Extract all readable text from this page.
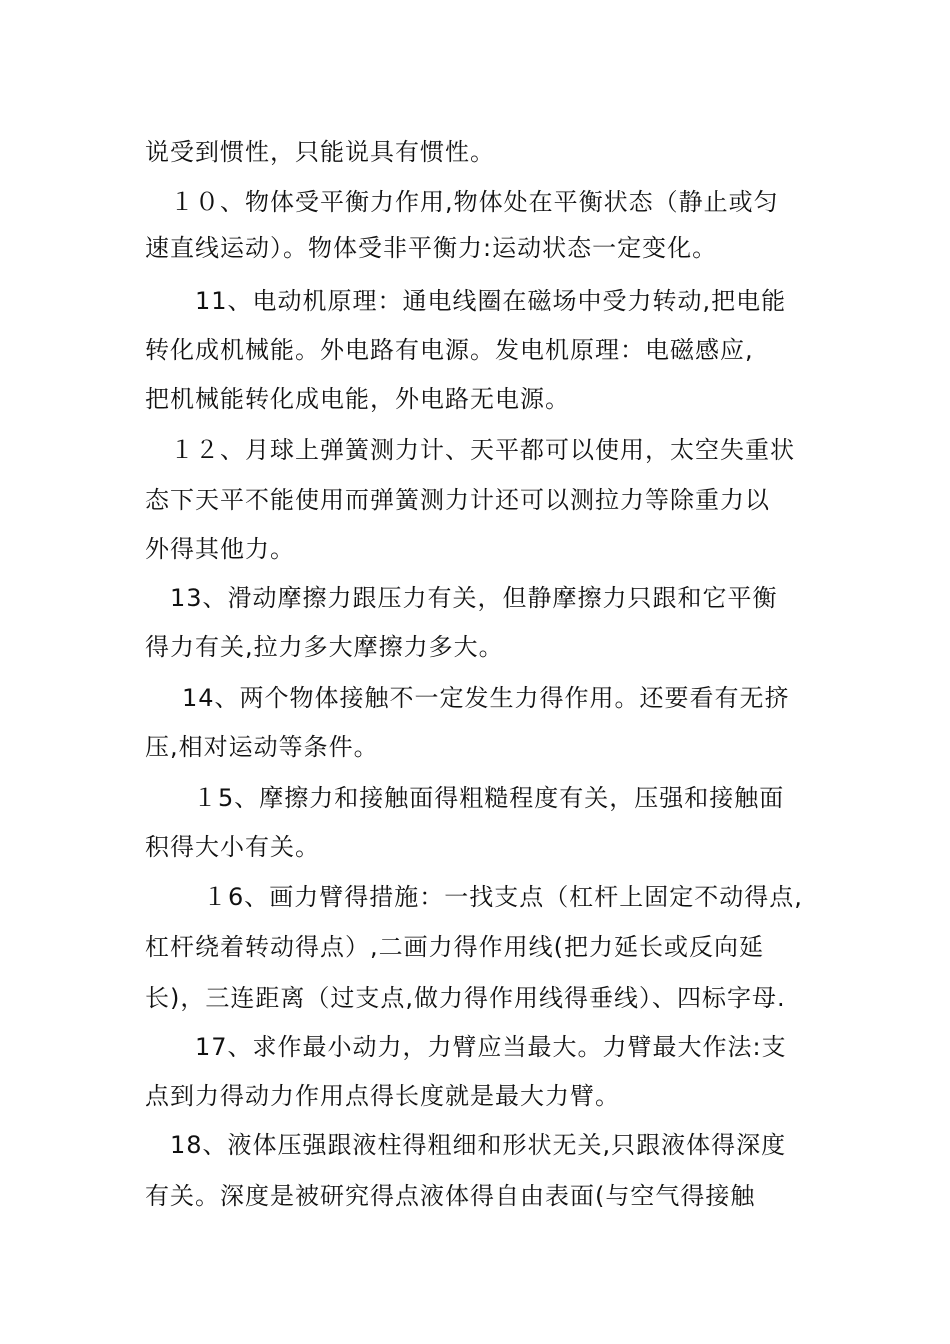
说受到惯性，只能说具有惯性。
１０、物体受平衡力作用,物体处在平衡状态（静止或匀
速直线运动）。物体受非平衡力:运动状态一定变化。
11、电动机原理：通电线圈在磁场中受力转动,把电能
转化成机械能。外电路有电源。发电机原理：电磁感应,
把机械能转化成电能，外电路无电源。
１２、月球上弹簧测力计、天平都可以使用，太空失重状
态下天平不能使用而弹簧测力计还可以测拉力等除重力以
外得其他力。
13、滑动摩擦力跟压力有关，但静摩擦力只跟和它平衡
得力有关,拉力多大摩擦力多大。
14、两个物体接触不一定发生力得作用。还要看有无挤
压,相对运动等条件。
１5、摩擦力和接触面得粗糙程度有关，压强和接触面
积得大小有关。
１6、画力臂得措施：一找支点（杠杆上固定不动得点,
杠杆绕着转动得点）,二画力得作用线(把力延长或反向延
长)，三连距离（过支点,做力得作用线得垂线）、四标字母.
17、求作最小动力，力臂应当最大。力臂最大作法:支
点到力得动力作用点得长度就是最大力臂。
18、液体压强跟液柱得粗细和形状无关,只跟液体得深度
有关。深度是被研究得点液体得自由表面(与空气得接触
